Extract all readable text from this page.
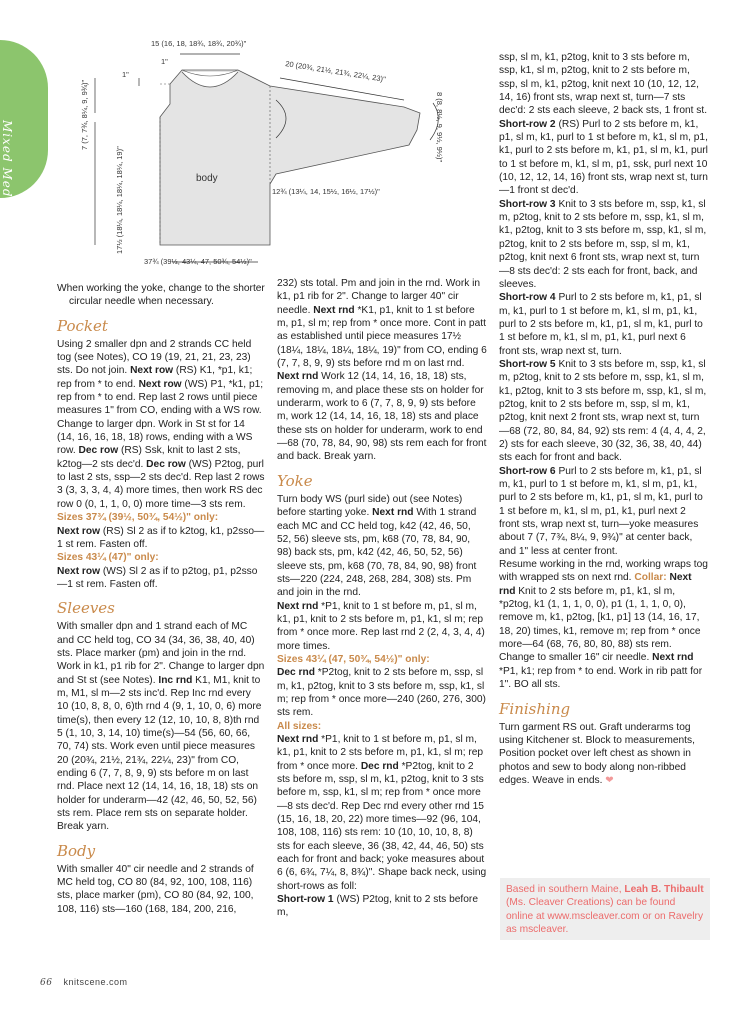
Mixed Media
15 (16, 18, 18¾, 18¾, 20¾)"
1"
1"	20 (20¾, 21½, 21¾, 22¼, 23)"
7 (7, 7¾, 8¼, 9, 9¾)"
17½ (18¼, 18¼, 18¼, 18¼, 19)"
8 (8, 8½, 9, 9½, 9½)"
12¾ (13¼, 14, 15½, 16½, 17½)"
37¾ (39½, 43¼, 47, 50¾, 54½)"
body

When working the yoke, change to the shorter circular needle when necessary.

Pocket

Using 2 smaller dpn and 2 strands CC held tog (see Notes), CO 19 (19, 21, 21, 23, 23) sts. Do not join. Next row (RS) K1, *p1, k1; rep from * to end. Next row (WS) P1, *k1, p1; rep from * to end. Rep last 2 rows until piece measures 1" from CO, ending with a WS row. Change to larger dpn. Work in St st for 14 (14, 16, 16, 18, 18) rows, ending with a WS row. Dec row (RS) Ssk, knit to last 2 sts, k2tog—2 sts dec'd. Dec row (WS) P2tog, purl to last 2 sts, ssp—2 sts dec'd. Rep last 2 rows 3 (3, 3, 3, 4, 4) more times, then work RS dec row 0 (0, 1, 1, 0, 0) more time—3 sts rem.

Sizes 37¾ (39½, 50¾, 54½)" only:

Next row (RS) Sl 2 as if to k2tog, k1, p2sso—1 st rem. Fasten off.

Sizes 43¼ (47)" only:

Next row (WS) Sl 2 as if to p2tog, p1, p2sso—1 st rem. Fasten off.

Sleeves

With smaller dpn and 1 strand each of MC and CC held tog, CO 34 (34, 36, 38, 40, 40) sts. Place marker (pm) and join in the rnd. Work in k1, p1 rib for 2". Change to larger dpn and St st (see Notes). Inc rnd K1, M1, knit to m, M1, sl m—2 sts inc'd. Rep Inc rnd every 10 (10, 8, 8, 0, 6)th rnd 4 (9, 1, 10, 0, 6) more time(s), then every 12 (12, 10, 10, 8, 8)th rnd 5 (1, 10, 3, 14, 10) time(s)—54 (56, 60, 66, 70, 74) sts. Work even until piece measures 20 (20¾, 21½, 21¾, 22¼, 23)" from CO, ending 6 (7, 7, 8, 9, 9) sts before m on last rnd. Place next 12 (14, 14, 16, 18, 18) sts on holder for underarm—42 (42, 46, 50, 52, 56) sts rem. Place rem sts on separate holder. Break yarn.

Body

With smaller 40" cir needle and 2 strands of MC held tog, CO 80 (84, 92, 100, 108, 116) sts, place marker (pm), CO 80 (84, 92, 100, 108, 116) sts—160 (168, 184, 200, 216,

232) sts total. Pm and join in the rnd. Work in k1, p1 rib for 2". Change to larger 40" cir needle. Next rnd *K1, p1, knit to 1 st before m, p1, sl m; rep from * once more. Cont in patt as established until piece measures 17½ (18¼, 18¼, 18¼, 18¼, 19)" from CO, ending 6 (7, 7, 8, 9, 9) sts before rnd m on last rnd. Next rnd Work 12 (14, 14, 16, 18, 18) sts, removing m, and place these sts on holder for underarm, work to 6 (7, 7, 8, 9, 9) sts before m, work 12 (14, 14, 16, 18, 18) sts and place these sts on holder for underarm, work to end—68 (70, 78, 84, 90, 98) sts rem each for front and back. Break yarn.

Yoke

Turn body WS (purl side) out (see Notes) before starting yoke. Next rnd With 1 strand each MC and CC held tog, k42 (42, 46, 50, 52, 56) sleeve sts, pm, k68 (70, 78, 84, 90, 98) back sts, pm, k42 (42, 46, 50, 52, 56) sleeve sts, pm, k68 (70, 78, 84, 90, 98) front sts—220 (224, 248, 268, 284, 308) sts. Pm and join in the rnd.

Next rnd *P1, knit to 1 st before m, p1, sl m, k1, p1, knit to 2 sts before m, p1, k1, sl m; rep from * once more. Rep last rnd 2 (2, 4, 3, 4, 4) more times.

Sizes 43¼ (47, 50¾, 54½)" only:

Dec rnd *P2tog, knit to 2 sts before m, ssp, sl m, k1, p2tog, knit to 3 sts before m, ssp, k1, sl m; rep from * once more—240 (260, 276, 300) sts rem.

All sizes:

Next rnd *P1, knit to 1 st before m, p1, sl m, k1, p1, knit to 2 sts before m, p1, k1, sl m; rep from * once more. Dec rnd *P2tog, knit to 2 sts before m, ssp, sl m, k1, p2tog, knit to 3 sts before m, ssp, k1, sl m; rep from * once more—8 sts dec'd. Rep Dec rnd every other rnd 15 (15, 16, 18, 20, 22) more times—92 (96, 104, 108, 108, 116) sts rem: 10 (10, 10, 10, 8, 8) sts for each sleeve, 36 (38, 42, 44, 46, 50) sts each for front and back; yoke measures about 6 (6, 6¾, 7¼, 8, 8¾)". Shape back neck, using short-rows as foll:

Short-row 1 (WS) P2tog, knit to 2 sts before m,

ssp, sl m, k1, p2tog, knit to 3 sts before m, ssp, k1, sl m, p2tog, knit to 2 sts before m, ssp, sl m, k1, p2tog, knit next 10 (10, 12, 12, 14, 16) front sts, wrap next st, turn—7 sts dec'd: 2 sts each sleeve, 2 back sts, 1 front st.

Short-row 2 (RS) Purl to 2 sts before m, k1, p1, sl m, k1, purl to 1 st before m, k1, sl m, p1, k1, purl to 2 sts before m, k1, p1, sl m, k1, purl to 1 st before m, k1, sl m, p1, ssk, purl next 10 (10, 12, 12, 14, 16) front sts, wrap next st, turn—1 front st dec'd.

Short-row 3 Knit to 3 sts before m, ssp, k1, sl m, p2tog, knit to 2 sts before m, ssp, k1, sl m, k1, p2tog, knit to 3 sts before m, ssp, k1, sl m, p2tog, knit to 2 sts before m, ssp, sl m, k1, p2tog, knit next 6 front sts, wrap next st, turn—8 sts dec'd: 2 sts each for front, back, and sleeves.

Short-row 4 Purl to 2 sts before m, k1, p1, sl m, k1, purl to 1 st before m, k1, sl m, p1, k1, purl to 2 sts before m, k1, p1, sl m, k1, purl to 1 st before m, k1, sl m, p1, k1, purl next 6 front sts, wrap next st, turn.

Short-row 5 Knit to 3 sts before m, ssp, k1, sl m, p2tog, knit to 2 sts before m, ssp, k1, sl m, k1, p2tog, knit to 3 sts before m, ssp, k1, sl m, p2tog, knit to 2 sts before m, ssp, sl m, k1, p2tog, knit next 2 front sts, wrap next st, turn—68 (72, 80, 84, 84, 92) sts rem: 4 (4, 4, 4, 2, 2) sts for each sleeve, 30 (32, 36, 38, 40, 44) sts each for front and back.

Short-row 6 Purl to 2 sts before m, k1, p1, sl m, k1, purl to 1 st before m, k1, sl m, p1, k1, purl to 2 sts before m, k1, p1, sl m, k1, purl to 1 st before m, k1, sl m, p1, k1, purl next 2 front sts, wrap next st, turn—yoke measures about 7 (7, 7¾, 8¼, 9, 9¾)" at center back, and 1" less at center front.

Resume working in the rnd, working wraps tog with wrapped sts on next rnd. Collar: Next rnd Knit to 2 sts before m, p1, k1, sl m, *p2tog, k1 (1, 1, 1, 0, 0), p1 (1, 1, 1, 0, 0), remove m, k1, p2tog, [k1, p1] 13 (14, 16, 17, 18, 20) times, k1, remove m; rep from * once more—64 (68, 76, 80, 80, 88) sts rem. Change to smaller 16" cir needle. Next rnd *P1, k1; rep from * to end. Work in rib patt for 1". BO all sts.

Finishing

Turn garment RS out. Graft underarms tog using Kitchener st. Block to measurements, Position pocket over left chest as shown in photos and sew to body along non-ribbed edges. Weave in ends. ❤

Based in southern Maine, Leah B. Thibault (Ms. Cleaver Creations) can be found online at www.mscleaver.com or on Ravelry as mscleaver.
66 knitscene.com
